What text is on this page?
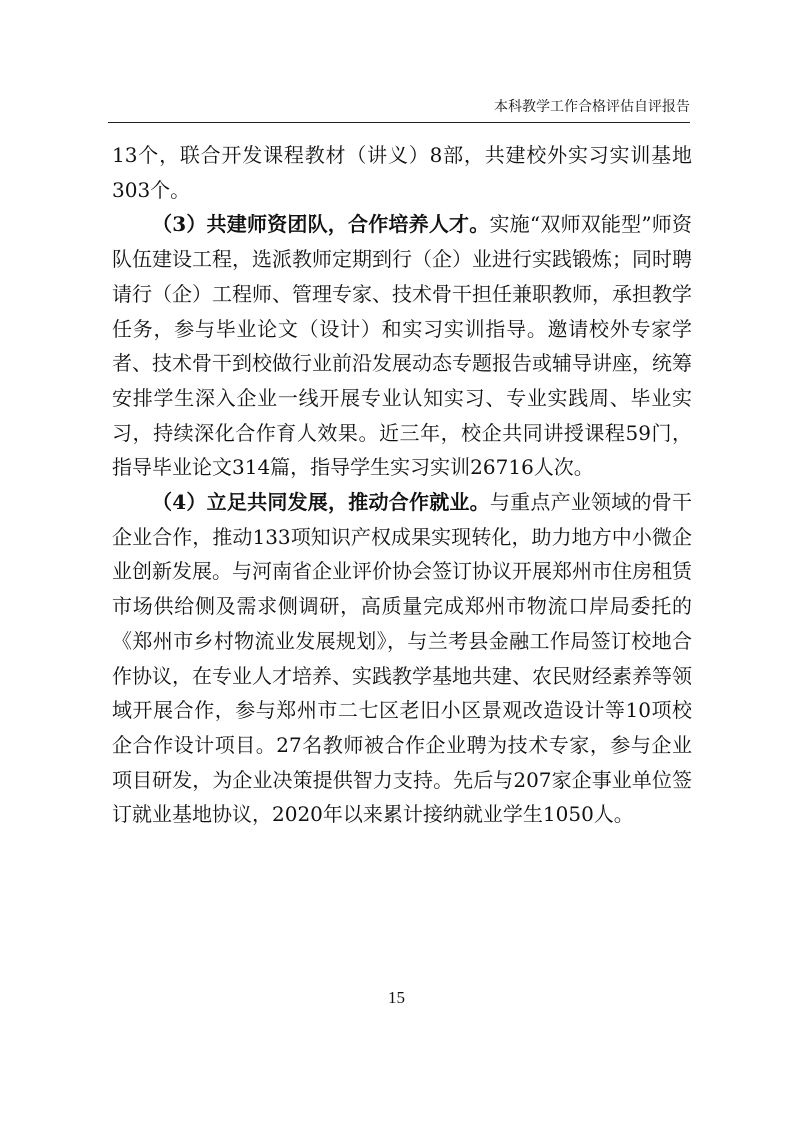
本科教学工作合格评估自评报告

13个，联合开发课程教材（讲义）8部，共建校外实习实训基地303个。

（3）共建师资团队，合作培养人才。实施“双师双能型”师资队伍建设工程，选派教师定期到行（企）业进行实践锻炼；同时聘请行（企）工程师、管理专家、技术骨干担任兼职教师，承担教学任务，参与毕业论文（设计）和实习实训指导。邀请校外专家学者、技术骨干到校做行业前沿发展动态专题报告或辅导讲座，统筹安排学生深入企业一线开展专业认知实习、专业实践周、毕业实习，持续深化合作育人效果。近三年，校企共同讲授课程59门，指导毕业论文314篇，指导学生实习实训26716人次。

（4）立足共同发展，推动合作就业。与重点产业领域的骨干企业合作，推动133项知识产权成果实现转化，助力地方中小微企业创新发展。与河南省企业评价协会签订协议开展郑州市住房租赁市场供给侧及需求侧调研，高质量完成郑州市物流口岸局委托的《郑州市乡村物流业发展规划》，与兰考县金融工作局签订校地合作协议，在专业人才培养、实践教学基地共建、农民财经素养等领域开展合作，参与郑州市二七区老旧小区景观改造设计等10项校企合作设计项目。27名教师被合作企业聘为技术专家，参与企业项目研发，为企业决策提供智力支持。先后与207家企事业单位签订就业基地协议，2020年以来累计接纳就业学生1050人。

15
